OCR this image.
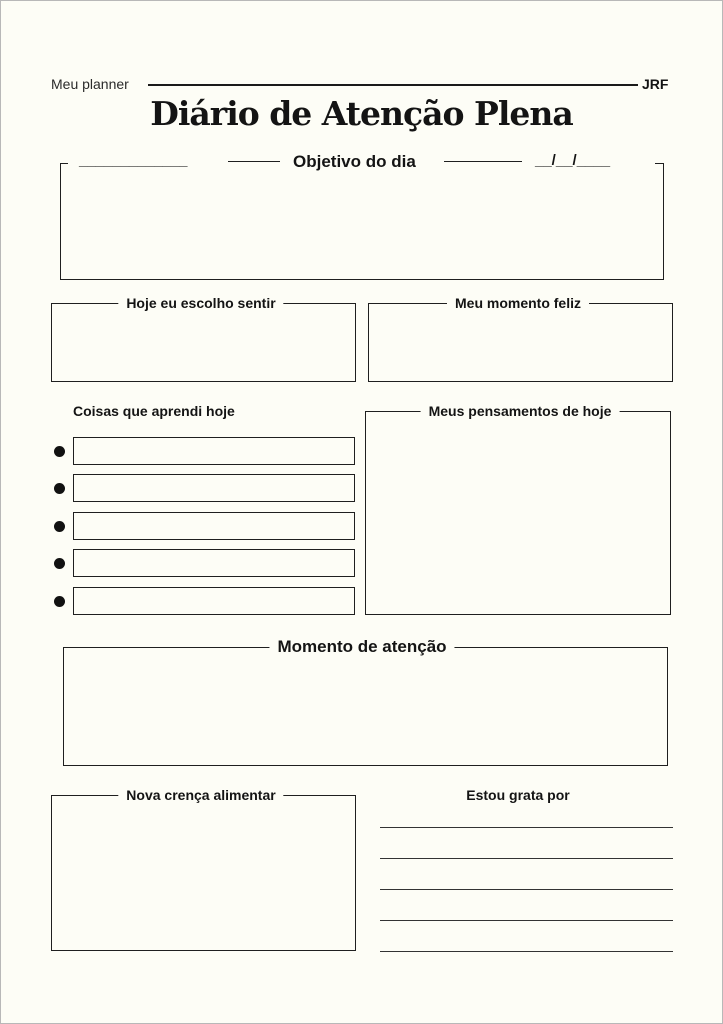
Meu planner	JRF
Diário de Atenção Plena
_____________	Objetivo do dia	__/__/____
Hoje eu escolho sentir	Meu momento feliz
Coisas que aprendi hoje	Meus pensamentos de hoje
Momento de atenção
Nova crença alimentar	Estou grata por
